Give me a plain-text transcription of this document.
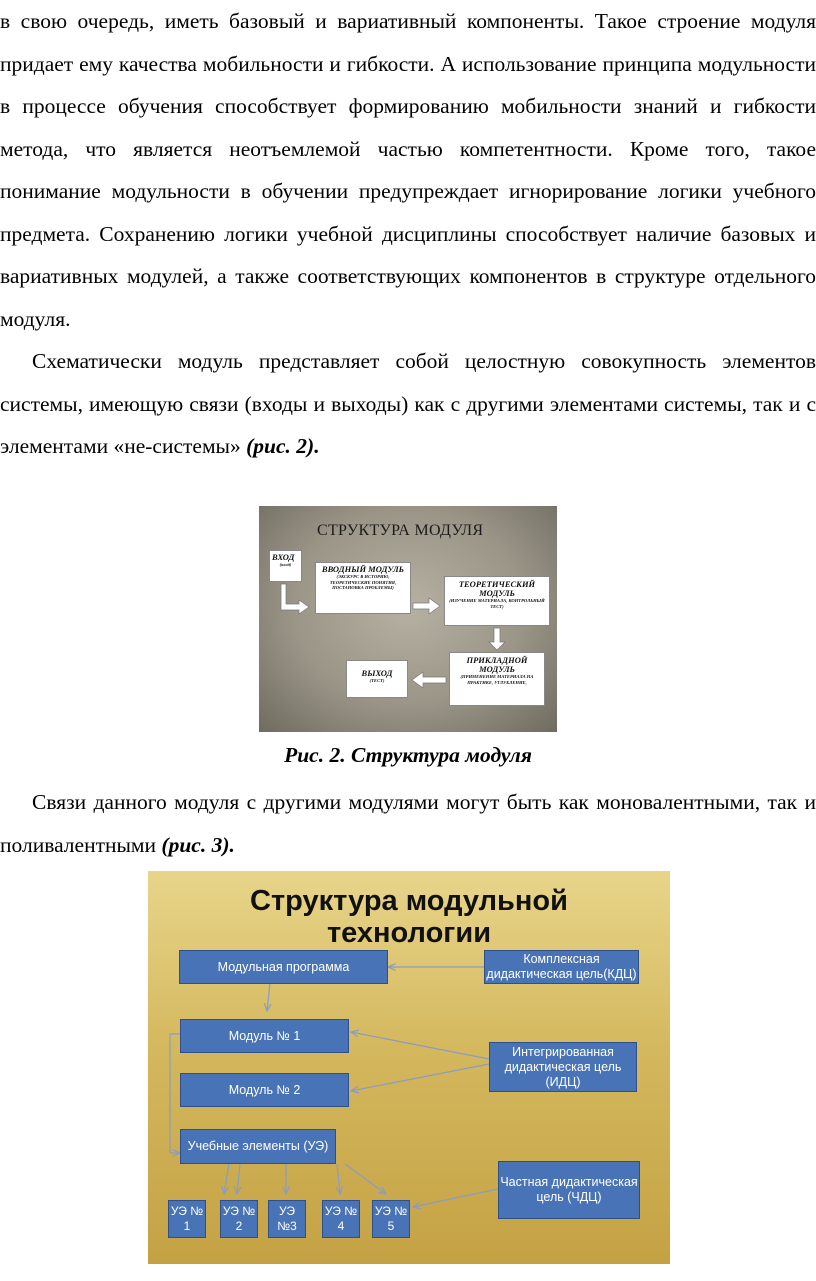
в свою очередь, иметь базовый и вариативный компоненты. Такое строение модуля придает ему качества мобильности и гибкости. А использование принципа модульности в процессе обучения способствует формированию мобильности знаний и гибкости метода, что является неотъемлемой частью компетентности. Кроме того, такое понимание модульности в обучении предупреждает игнорирование логики учебного предмета. Сохранению логики учебной дисциплины способствует наличие базовых и вариативных модулей, а также соответствующих компонентов в структуре отдельного модуля.

Схематически модуль представляет собой целостную совокупность элементов системы, имеющую связи (входы и выходы) как с другими элементами системы, так и с элементами «не-системы» (рис. 2).

СТРУКТУРА МОДУЛЯ
ВХОД
(вход)	ВВОДНЫЙ МОДУЛЬ
(ЭКСКУРС В ИСТОРИЮ, ТЕОРЕТИЧЕСКИЕ ПОНЯТИЯ, ПОСТАНОВКА ПРОБЛЕМЫ)	ТЕОРЕТИЧЕСКИЙ МОДУЛЬ
(ИЗУЧЕНИЕ МАТЕРИАЛА, КОНТРОЛЬНЫЙ ТЕСТ)
ПРИКЛАДНОЙ МОДУЛЬ
(ПРИМЕНЕНИЕ МАТЕРИАЛА НА ПРАКТИКЕ, УГЛУБЛЕНИЕ,
ВЫХОД
(ТЕСТ)
Рис. 2. Структура модуля

Связи данного модуля с другими модулями могут быть как моновалентными, так и поливалентными (рис. 3).

Структура модульной
технологии
Модульная программа
Комплексная дидактическая цель(КДЦ)
Модуль № 1
Интегрированная дидактическая цель (ИДЦ)
Модуль № 2
Учебные элементы (УЭ)
Частная дидактическая цель (ЧДЦ)
УЭ № 1
УЭ № 2
УЭ №3
УЭ № 4
УЭ № 5
